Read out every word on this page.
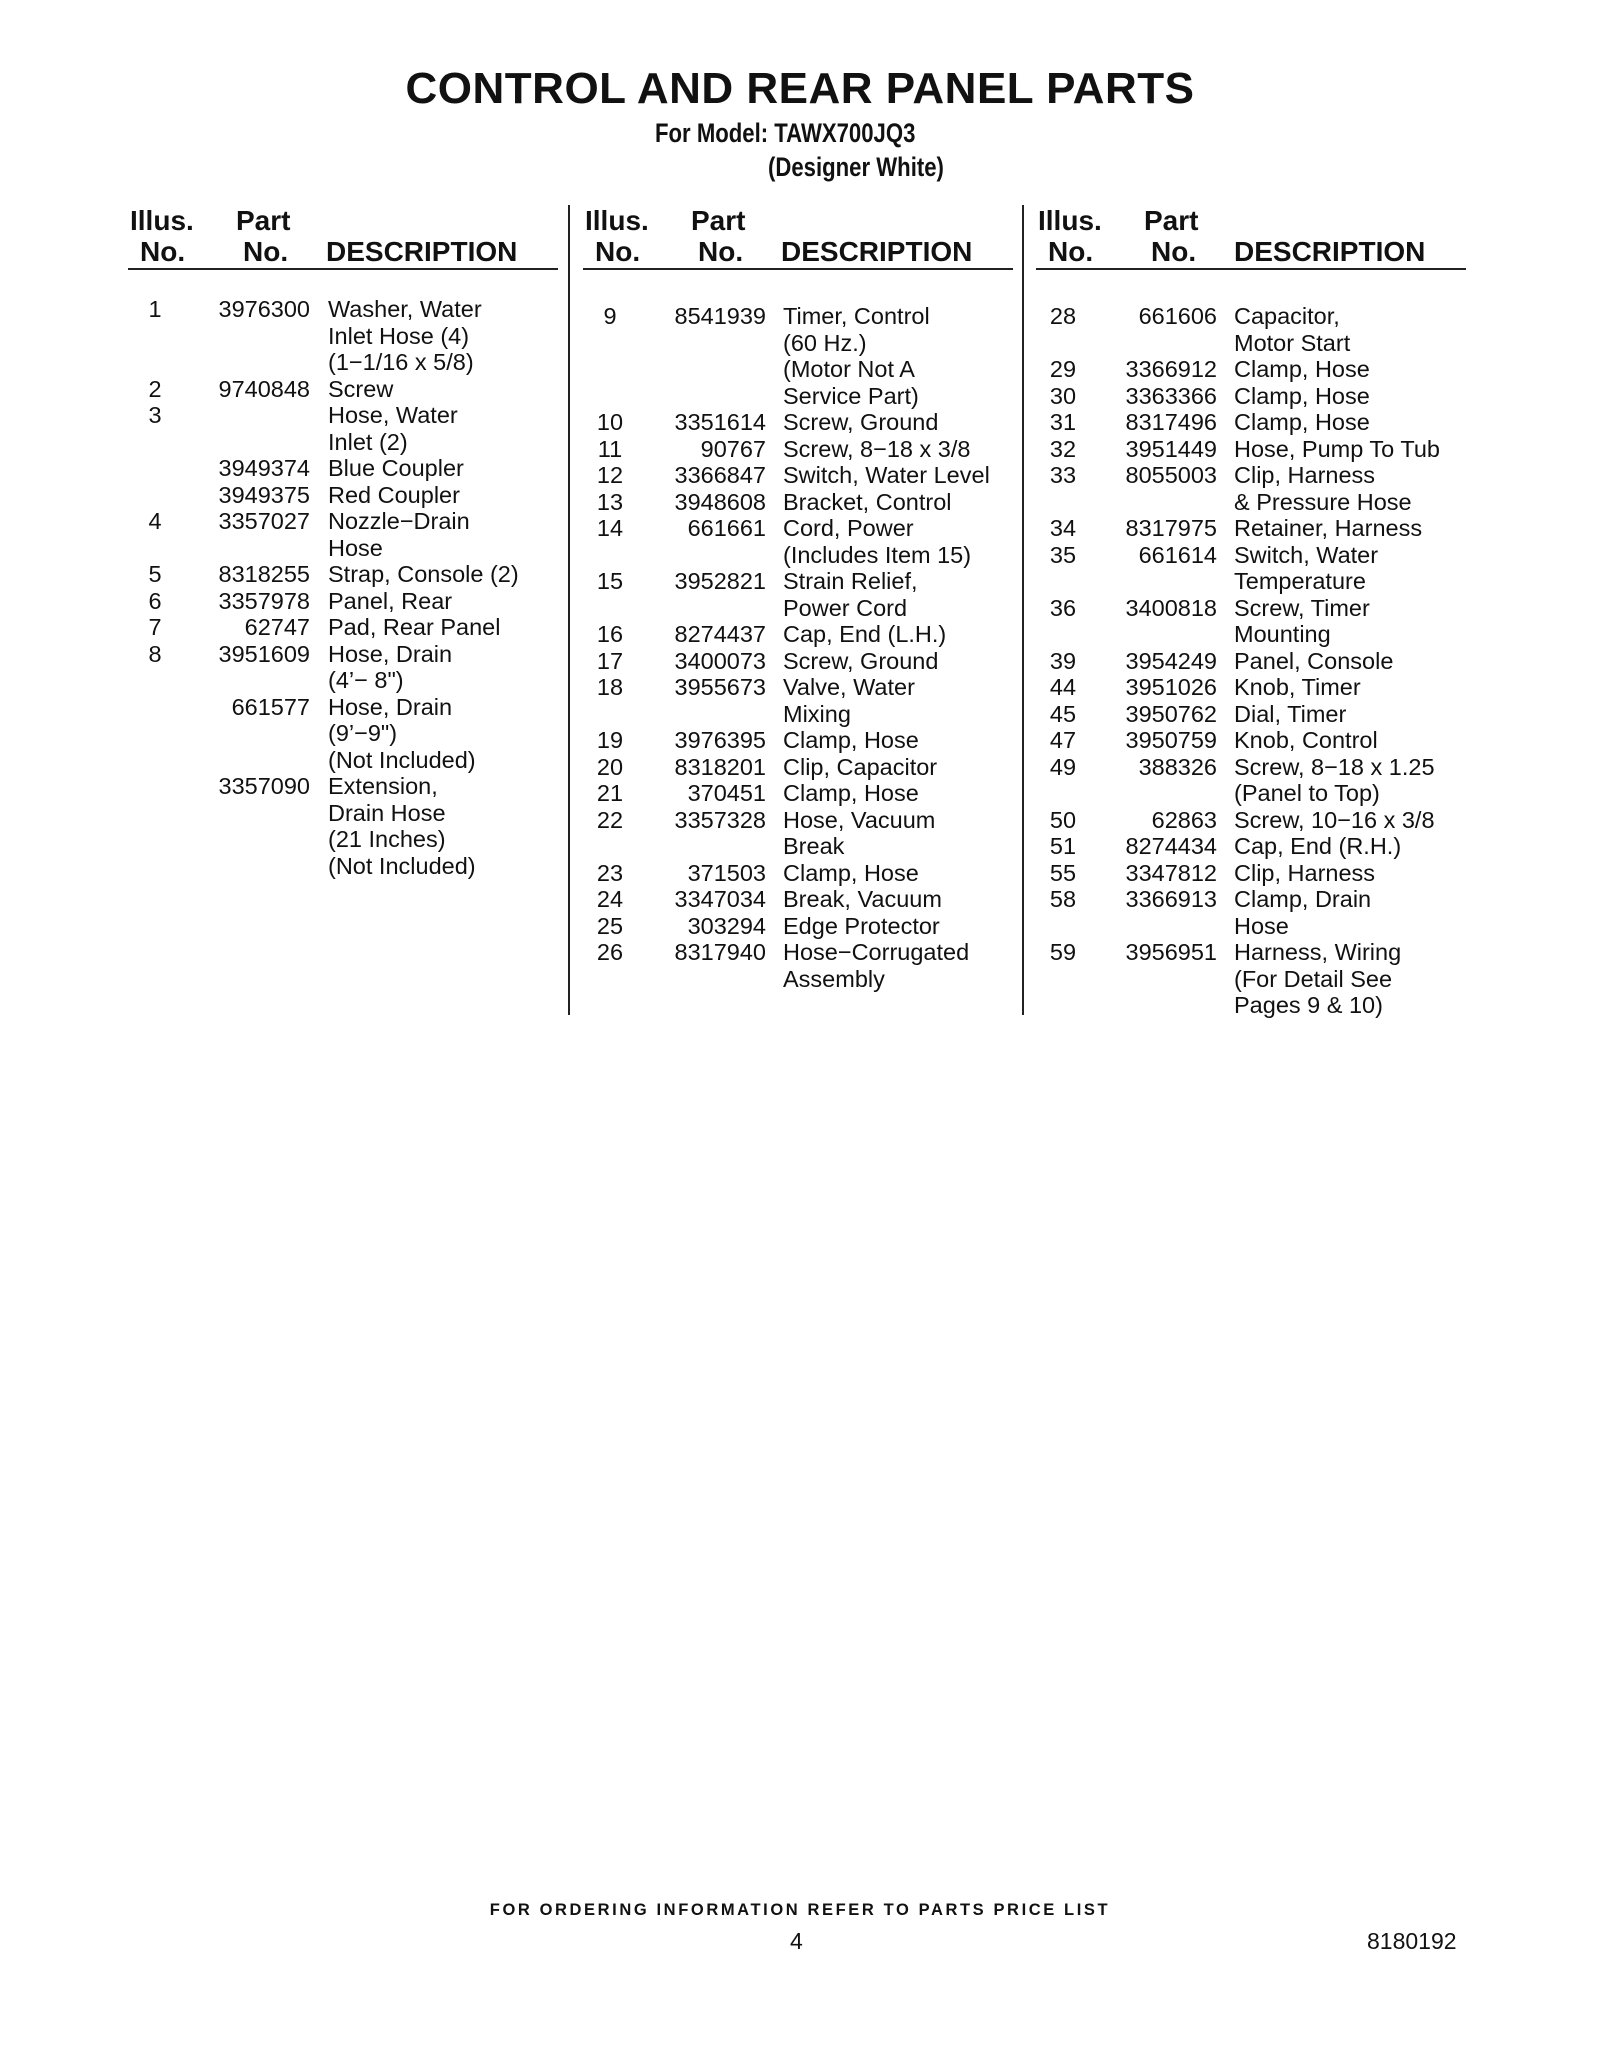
CONTROL AND REAR PANEL PARTS
For Model: TAWX700JQ3
(Designer White)
Illus.
No.
Part
No. DESCRIPTION
1	3976300 Washer, Water
Inlet Hose (4)
(1−1/16 x 5/8)
2	9740848 Screw
3	Hose, Water
Inlet (2)
3949374 Blue Coupler
3949375 Red Coupler
4	3357027 Nozzle−Drain
Hose
5	8318255 Strap, Console (2)
6	3357978 Panel, Rear
7	62747 Pad, Rear Panel
8	3951609 Hose, Drain
(4’− 8")
661577 Hose, Drain
(9’−9")
(Not Included)
3357090 Extension,
Drain Hose
(21 Inches)
(Not Included)
Illus.
No.
Part
No. DESCRIPTION
9	8541939 Timer, Control
(60 Hz.)
(Motor Not A
Service Part)
10	3351614 Screw, Ground
11	90767 Screw, 8−18 x 3/8
12	3366847 Switch, Water Level
13	3948608 Bracket, Control
14	661661 Cord, Power
(Includes Item 15)
15	3952821 Strain Relief,
Power Cord
16	8274437 Cap, End (L.H.)
17	3400073 Screw, Ground
18	3955673 Valve, Water
Mixing
19	3976395 Clamp, Hose
20	8318201 Clip, Capacitor
21	370451 Clamp, Hose
22	3357328 Hose, Vacuum
Break
23	371503 Clamp, Hose
24	3347034 Break, Vacuum
25	303294 Edge Protector
26	8317940 Hose−Corrugated
Assembly
Illus.
No.
Part
No. DESCRIPTION
28	661606 Capacitor,
Motor Start
29	3366912 Clamp, Hose
30	3363366 Clamp, Hose
31	8317496 Clamp, Hose
32	3951449 Hose, Pump To Tub
33	8055003 Clip, Harness
& Pressure Hose
34	8317975 Retainer, Harness
35	661614 Switch, Water
Temperature
36	3400818 Screw, Timer
Mounting
39	3954249 Panel, Console
44	3951026 Knob, Timer
45	3950762 Dial, Timer
47	3950759 Knob, Control
49	388326 Screw, 8−18 x 1.25
(Panel to Top)
50	62863 Screw, 10−16 x 3/8
51	8274434 Cap, End (R.H.)
55	3347812 Clip, Harness
58	3366913 Clamp, Drain
Hose
59	3956951 Harness, Wiring
(For Detail See
Pages 9 & 10)
FOR ORDERING INFORMATION REFER TO PARTS PRICE LIST
4	8180192
